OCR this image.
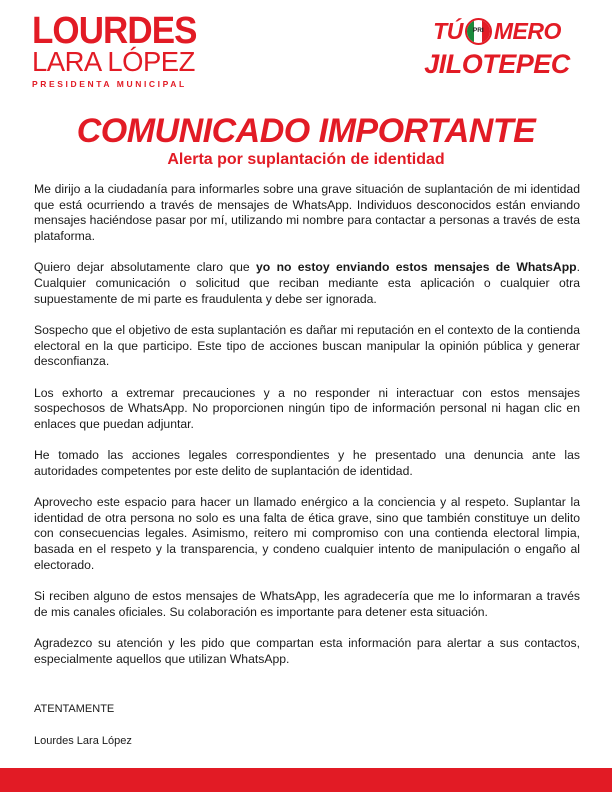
LOURDES
LARA LÓPEZ
PRESIDENTA MUNICIPAL
TÚ	PRI MERO
JILOTEPEC
COMUNICADO IMPORTANTE
Alerta por suplantación de identidad

Me dirijo a la ciudadanía para informarles sobre una grave situación de suplantación de mi identidad que está ocurriendo a través de mensajes de WhatsApp. Individuos desconocidos están enviando mensajes haciéndose pasar por mí, utilizando mi nombre para contactar a personas a través de esta plataforma.

Quiero dejar absolutamente claro que yo no estoy enviando estos mensajes de WhatsApp. Cualquier comunicación o solicitud que reciban mediante esta aplicación o cualquier otra supuestamente de mi parte es fraudulenta y debe ser ignorada.

Sospecho que el objetivo de esta suplantación es dañar mi reputación en el contexto de la contienda electoral en la que participo. Este tipo de acciones buscan manipular la opinión pública y generar desconfianza.

Los exhorto a extremar precauciones y a no responder ni interactuar con estos mensajes sospechosos de WhatsApp. No proporcionen ningún tipo de información personal ni hagan clic en enlaces que puedan adjuntar.

He tomado las acciones legales correspondientes y he presentado una denuncia ante las autoridades competentes por este delito de suplantación de identidad.

Aprovecho este espacio para hacer un llamado enérgico a la conciencia y al respeto. Suplantar la identidad de otra persona no solo es una falta de ética grave, sino que también constituye un delito con consecuencias legales. Asimismo, reitero mi compromiso con una contienda electoral limpia, basada en el respeto y la transparencia, y condeno cualquier intento de manipulación o engaño al electorado.

Si reciben alguno de estos mensajes de WhatsApp, les agradecería que me lo informaran a través de mis canales oficiales. Su colaboración es importante para detener esta situación.

Agradezco su atención y les pido que compartan esta información para alertar a sus contactos, especialmente aquellos que utilizan WhatsApp.

ATENTAMENTE
Lourdes Lara López
